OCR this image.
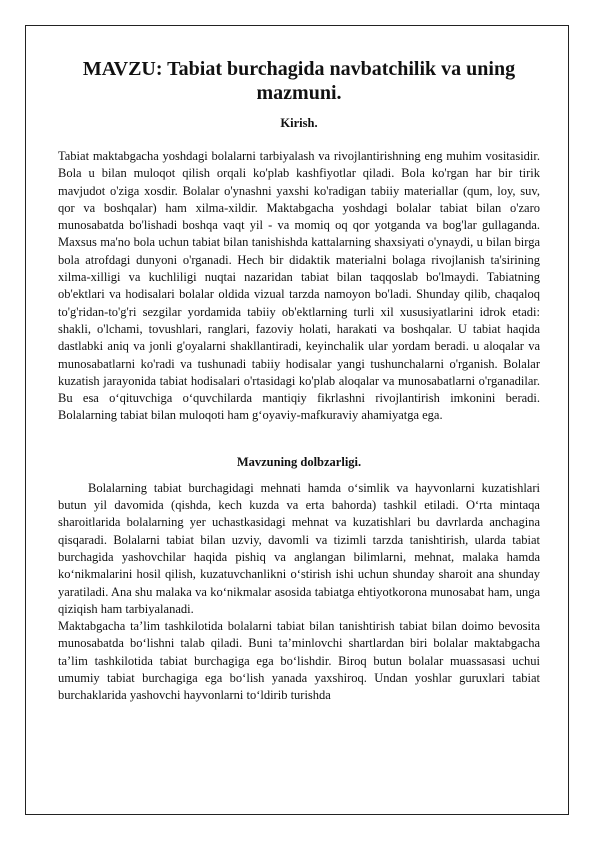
MAVZU: Tabiat burchagida navbatchilik va uning mazmuni.
Kirish.

Tabiat maktabgacha yoshdagi bolalarni tarbiyalash va rivojlantirishning eng muhim vositasidir. Bola u bilan muloqot qilish orqali ko'plab kashfiyotlar qiladi. Bola ko'rgan har bir tirik mavjudot o'ziga xosdir. Bolalar o'ynashni yaxshi ko'radigan tabiiy materiallar (qum, loy, suv, qor va boshqalar) ham xilma-xildir. Maktabgacha yoshdagi bolalar tabiat bilan o'zaro munosabatda bo'lishadi boshqa vaqt yil - va momiq oq qor yotganda va bog'lar gullaganda. Maxsus ma'no bola uchun tabiat bilan tanishishda kattalarning shaxsiyati o'ynaydi, u bilan birga bola atrofdagi dunyoni o'rganadi. Hech bir didaktik materialni bolaga rivojlanish ta'sirining xilma-xilligi va kuchliligi nuqtai nazaridan tabiat bilan taqqoslab bo'lmaydi. Tabiatning ob'ektlari va hodisalari bolalar oldida vizual tarzda namoyon bo'ladi. Shunday qilib, chaqaloq to'g'ridan-to'g'ri sezgilar yordamida tabiiy ob'ektlarning turli xil xususiyatlarini idrok etadi: shakli, o'lchami, tovushlari, ranglari, fazoviy holati, harakati va boshqalar. U tabiat haqida dastlabki aniq va jonli g'oyalarni shakllantiradi, keyinchalik ular yordam beradi. u aloqalar va munosabatlarni ko'radi va tushunadi tabiiy hodisalar yangi tushunchalarni o'rganish. Bolalar kuzatish jarayonida tabiat hodisalari o'rtasidagi ko'plab aloqalar va munosabatlarni o'rganadilar. Bu esa o‘qituvchiga o‘quvchilarda mantiqiy fikrlashni rivojlantirish imkonini beradi. Bolalarning tabiat bilan muloqoti ham g‘oyaviy-mafkuraviy ahamiyatga ega.

Mavzuning dolbzarligi.

Bolalarning tabiat burchagidagi mehnati hamda o‘simlik va hayvonlarni kuzatishlari butun yil davomida (qishda, kech kuzda va erta bahorda) tashkil etiladi. O‘rta mintaqa sharoitlarida bolalarning yer uchastkasidagi mehnat va kuzatishlari bu davrlarda anchagina qisqaradi. Bolalarni tabiat bilan uzviy, davomli va tizimli tarzda tanishtirish, ularda tabiat burchagida yashovchilar haqida pishiq va anglangan bilimlarni, mehnat, malaka hamda ko‘nikmalarini hosil qilish, kuzatuvchanlikni o‘stirish ishi uchun shunday sharoit ana shunday yaratiladi. Ana shu malaka va ko‘nikmalar asosida tabiatga ehtiyotkorona munosabat ham, unga qiziqish ham tarbiyalanadi.

Maktabgacha ta’lim tashkilotida bolalarni tabiat bilan tanishtirish tabiat bilan doimo bevosita munosabatda bo‘lishni talab qiladi. Buni ta’minlovchi shartlardan biri bolalar maktabgacha ta’lim tashkilotida tabiat burchagiga ega bo‘lishdir. Biroq butun bolalar muassasasi uchui umumiy tabiat burchagiga ega bo‘lish yanada yaxshiroq. Undan yoshlar guruxlari tabiat burchaklarida yashovchi hayvonlarni to‘ldirib turishda
